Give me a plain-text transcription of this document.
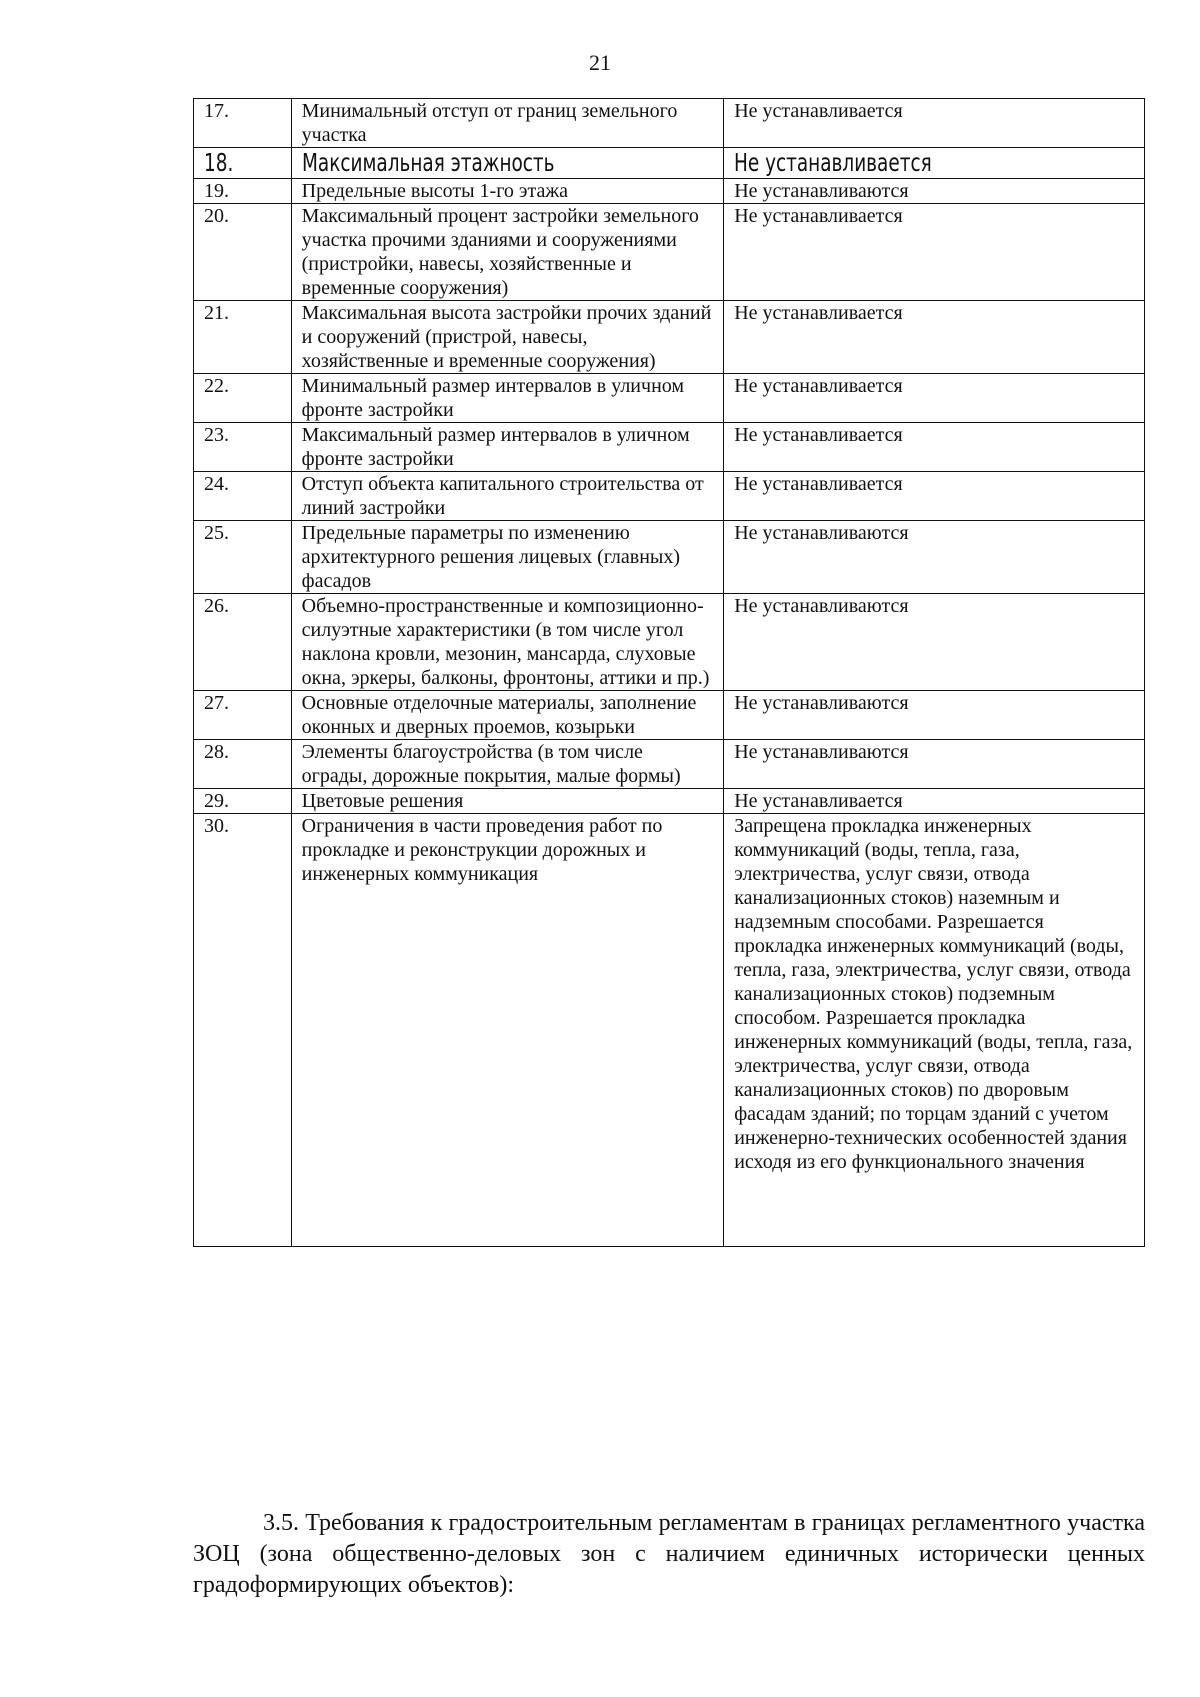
21
17.	Минимальный отступ от границ земельного участка	Не устанавливается
18.	Максимальная этажность	Не устанавливается
19.	Предельные высоты 1-го этажа	Не устанавливаются
20.	Максимальный процент застройки земельного участка прочими зданиями и сооружениями (пристройки, навесы, хозяйственные и временные сооружения)	Не устанавливается
21.	Максимальная высота застройки прочих зданий и сооружений (пристрой, навесы, хозяйственные и временные сооружения)	Не устанавливается
22.	Минимальный размер интервалов в уличном фронте застройки	Не устанавливается
23.	Максимальный размер интервалов в уличном фронте застройки	Не устанавливается
24.	Отступ объекта капитального строительства от линий застройки	Не устанавливается
25.	Предельные параметры по изменению архитектурного решения лицевых (главных) фасадов	Не устанавливаются
26.	Объемно-пространственные и композиционно-силуэтные характеристики (в том числе угол наклона кровли, мезонин, мансарда, слуховые окна, эркеры, балконы, фронтоны, аттики и пр.)	Не устанавливаются
27.	Основные отделочные материалы, заполнение оконных и дверных проемов, козырьки	Не устанавливаются
28.	Элементы благоустройства (в том числе ограды, дорожные покрытия, малые формы)	Не устанавливаются
29.	Цветовые решения	Не устанавливается
30.	Ограничения в части проведения работ по прокладке и реконструкции дорожных и инженерных коммуникация	Запрещена прокладка инженерных коммуникаций (воды, тепла, газа, электричества, услуг связи, отвода канализационных стоков) наземным и надземным способами. Разрешается прокладка инженерных коммуникаций (воды, тепла, газа, электричества, услуг связи, отвода канализационных стоков) подземным способом. Разрешается прокладка инженерных коммуникаций (воды, тепла, газа, электричества, услуг связи, отвода канализационных стоков) по дворовым фасадам зданий; по торцам зданий с учетом инженерно-технических особенностей здания исходя из его функционального значения

3.5. Требования к градостроительным регламентам в границах регламентного участка ЗОЦ (зона общественно-деловых зон с наличием единичных исторически ценных градоформирующих объектов):
